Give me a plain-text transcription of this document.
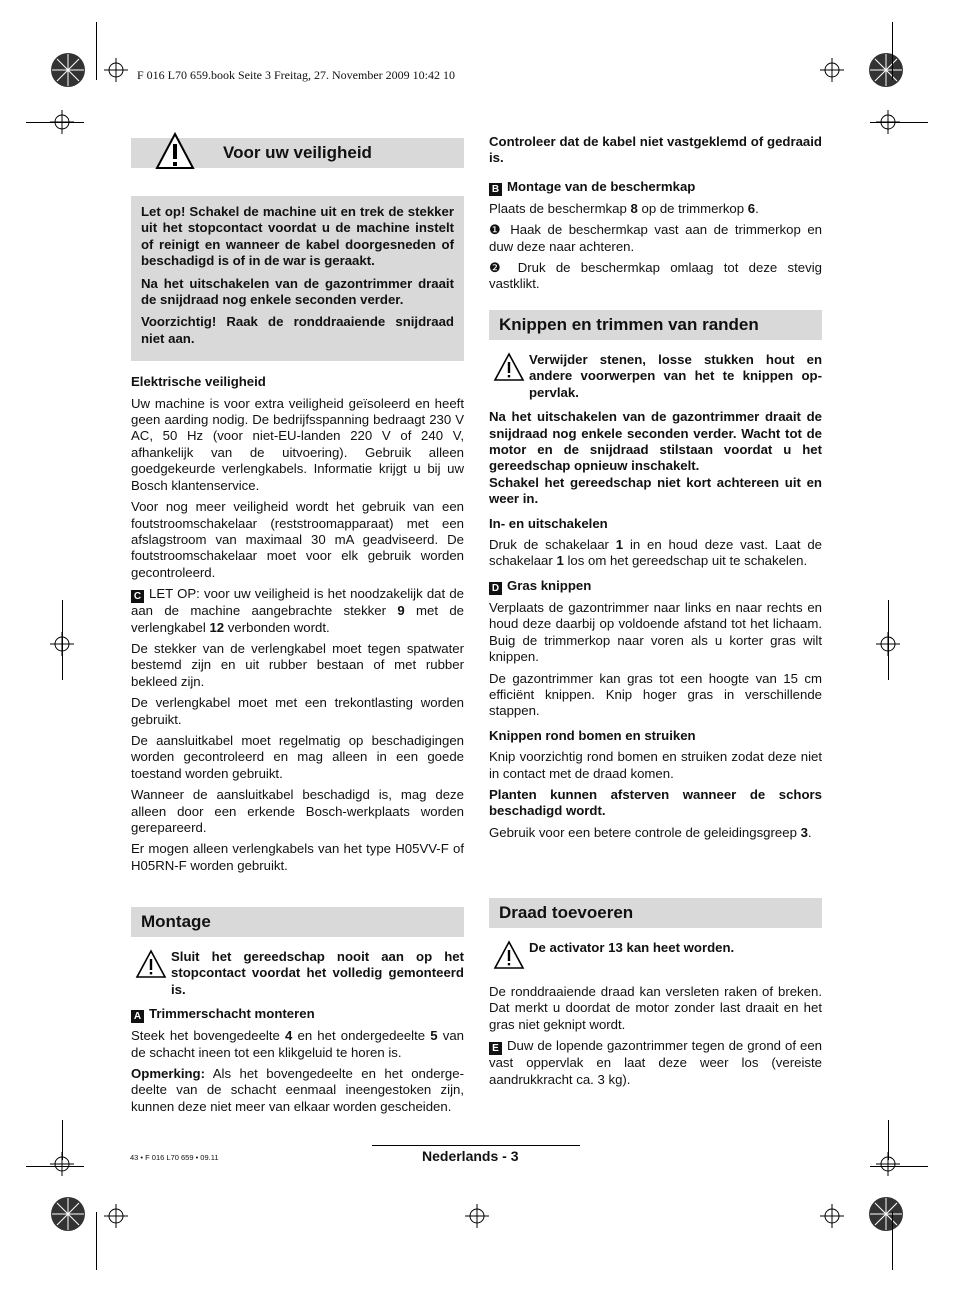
F 016 L70 659.book Seite 3 Freitag, 27. November 2009 10:42 10
Voor uw veiligheid

Let op! Schakel de machine uit en trek de stekker uit het stopcontact voordat u de machine instelt of reinigt en wanneer de kabel doorgesneden of beschadigd is of in de war is geraakt.

Na het uitschakelen van de gazontrimmer draait de snijdraad nog enkele seconden verder.

Voorzichtig! Raak de ronddraaiende snijdraad niet aan.

Elektrische veiligheid

Uw machine is voor extra veiligheid geïsoleerd en heeft geen aarding nodig. De bedrijfsspanning bedraagt 230 V AC, 50 Hz (voor niet-EU-landen 220 V of 240 V, afhankelijk van de uitvoering). Gebruik alleen goedgekeurde verlengkabels. Informatie krijgt u bij uw Bosch klantenservice.

Voor nog meer veiligheid wordt het gebruik van een foutstroomschakelaar (reststroomapparaat) met een afslagstroom van maximaal 30 mA geadviseerd. De foutstroomschakelaar moet voor elk gebruik worden gecontroleerd.

C LET OP: voor uw veiligheid is het noodzakelijk dat de aan de machine aangebrachte stekker 9 met de verlengkabel 12 verbonden wordt.

De stekker van de verlengkabel moet tegen spatwater bestemd zijn en uit rubber bestaan of met rubber bekleed zijn.

De verlengkabel moet met een trekontlasting worden gebruikt.

De aansluitkabel moet regelmatig op beschadigingen worden gecontroleerd en mag alleen in een goede toestand worden gebruikt.

Wanneer de aansluitkabel beschadigd is, mag deze alleen door een erkende Bosch-werkplaats worden gerepareerd.

Er mogen alleen verlengkabels van het type H05VV-F of H05RN-F worden gebruikt.

Montage
Sluit het gereedschap nooit aan op het stopcontact voordat het volledig gemonteerd is.

A Trimmerschacht monteren

Steek het bovengedeelte 4 en het ondergedeelte 5 van de schacht ineen tot een klikgeluid te horen is.

Opmerking: Als het bovengedeelte en het ondergedeelte van de schacht eenmaal ineengestoken zijn, kunnen deze niet meer van elkaar worden gescheiden.

Controleer dat de kabel niet vastgeklemd of gedraaid is.

B Montage van de beschermkap

Plaats de beschermkap 8 op de trimmerkop 6.

❶ Haak de beschermkap vast aan de trimmerkop en duw deze naar achteren.

❷ Druk de beschermkap omlaag tot deze stevig vastklikt.

Knippen en trimmen van randen
Verwijder stenen, losse stukken hout en andere voorwerpen van het te knippen oppervlak.

Na het uitschakelen van de gazontrimmer draait de snijdraad nog enkele seconden verder. Wacht tot de motor en de snijdraad stilstaan voordat u het gereedschap opnieuw inschakelt.

Schakel het gereedschap niet kort achtereen uit en weer in.

In- en uitschakelen

Druk de schakelaar 1 in en houd deze vast. Laat de schakelaar 1 los om het gereedschap uit te schakelen.

D Gras knippen

Verplaats de gazontrimmer naar links en naar rechts en houd deze daarbij op voldoende afstand tot het lichaam. Buig de trimmerkop naar voren als u korter gras wilt knippen.

De gazontrimmer kan gras tot een hoogte van 15 cm efficiënt knippen. Knip hoger gras in verschillende stappen.

Knippen rond bomen en struiken

Knip voorzichtig rond bomen en struiken zodat deze niet in contact met de draad komen.

Planten kunnen afsterven wanneer de schors beschadigd wordt.

Gebruik voor een betere controle de geleidingsgreep 3.

Draad toevoeren
De activator 13 kan heet worden.

De ronddraaiende draad kan versleten raken of breken. Dat merkt u doordat de motor zonder last draait en het gras niet geknipt wordt.

E Duw de lopende gazontrimmer tegen de grond of een vast oppervlak en laat deze weer los (vereiste aandrukkracht ca. 3 kg).

43 • F 016 L70 659 • 09.11	Nederlands - 3
